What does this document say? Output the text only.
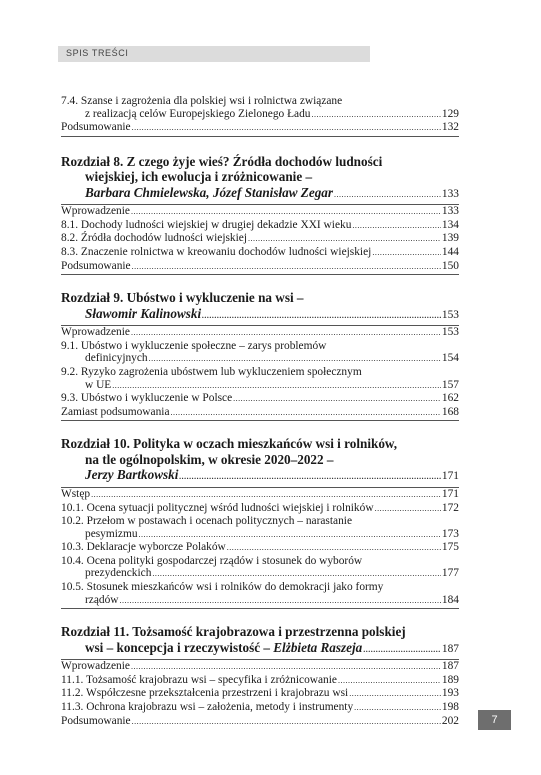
SPIS TREŚCI
7.4. Szanse i zagrożenia dla polskiej wsi i rolnictwa związane
z realizacją celów Europejskiego Zielonego Ładu .....	129
Podsumowanie .....	132
Rozdział 8. Z czego żyje wieś? Źródła dochodów ludności
wiejskiej, ich ewolucja i zróżnicowanie –
Barbara Chmielewska, Józef Stanisław Zegar .....	133
Wprowadzenie .....	133
8.1. Dochody ludności wiejskiej w drugiej dekadzie XXI wieku .....	134
8.2. Źródła dochodów ludności wiejskiej .....	139
8.3. Znaczenie rolnictwa w kreowaniu dochodów ludności wiejskiej .....	144
Podsumowanie .....	150
Rozdział 9. Ubóstwo i wykluczenie na wsi –
Sławomir Kalinowski .....	153
Wprowadzenie .....	153
9.1. Ubóstwo i wykluczenie społeczne – zarys problemów
definicyjnych .....	154
9.2. Ryzyko zagrożenia ubóstwem lub wykluczeniem społecznym
w UE .....	157
9.3. Ubóstwo i wykluczenie w Polsce .....	162
Zamiast podsumowania .....	168
Rozdział 10. Polityka w oczach mieszkańców wsi i rolników,
na tle ogólnopolskim, w okresie 2020–2022 –
Jerzy Bartkowski .....	171
Wstęp .....	171
10.1. Ocena sytuacji politycznej wśród ludności wiejskiej i rolników .....	172
10.2. Przełom w postawach i ocenach politycznych – narastanie
pesymizmu .....	173
10.3. Deklaracje wyborcze Polaków .....	175
10.4. Ocena polityki gospodarczej rządów i stosunek do wyborów
prezydenckich .....	177
10.5. Stosunek mieszkańców wsi i rolników do demokracji jako formy
rządów .....	184
Rozdział 11. Tożsamość krajobrazowa i przestrzenna polskiej
wsi – koncepcja i rzeczywistość – Elżbieta Raszeja .....	187
Wprowadzenie .....	187
11.1. Tożsamość krajobrazu wsi – specyfika i zróżnicowanie .....	189
11.2. Współczesne przekształcenia przestrzeni i krajobrazu wsi .....	193
11.3. Ochrona krajobrazu wsi – założenia, metody i instrumenty .....	198
Podsumowanie .....	202	7
